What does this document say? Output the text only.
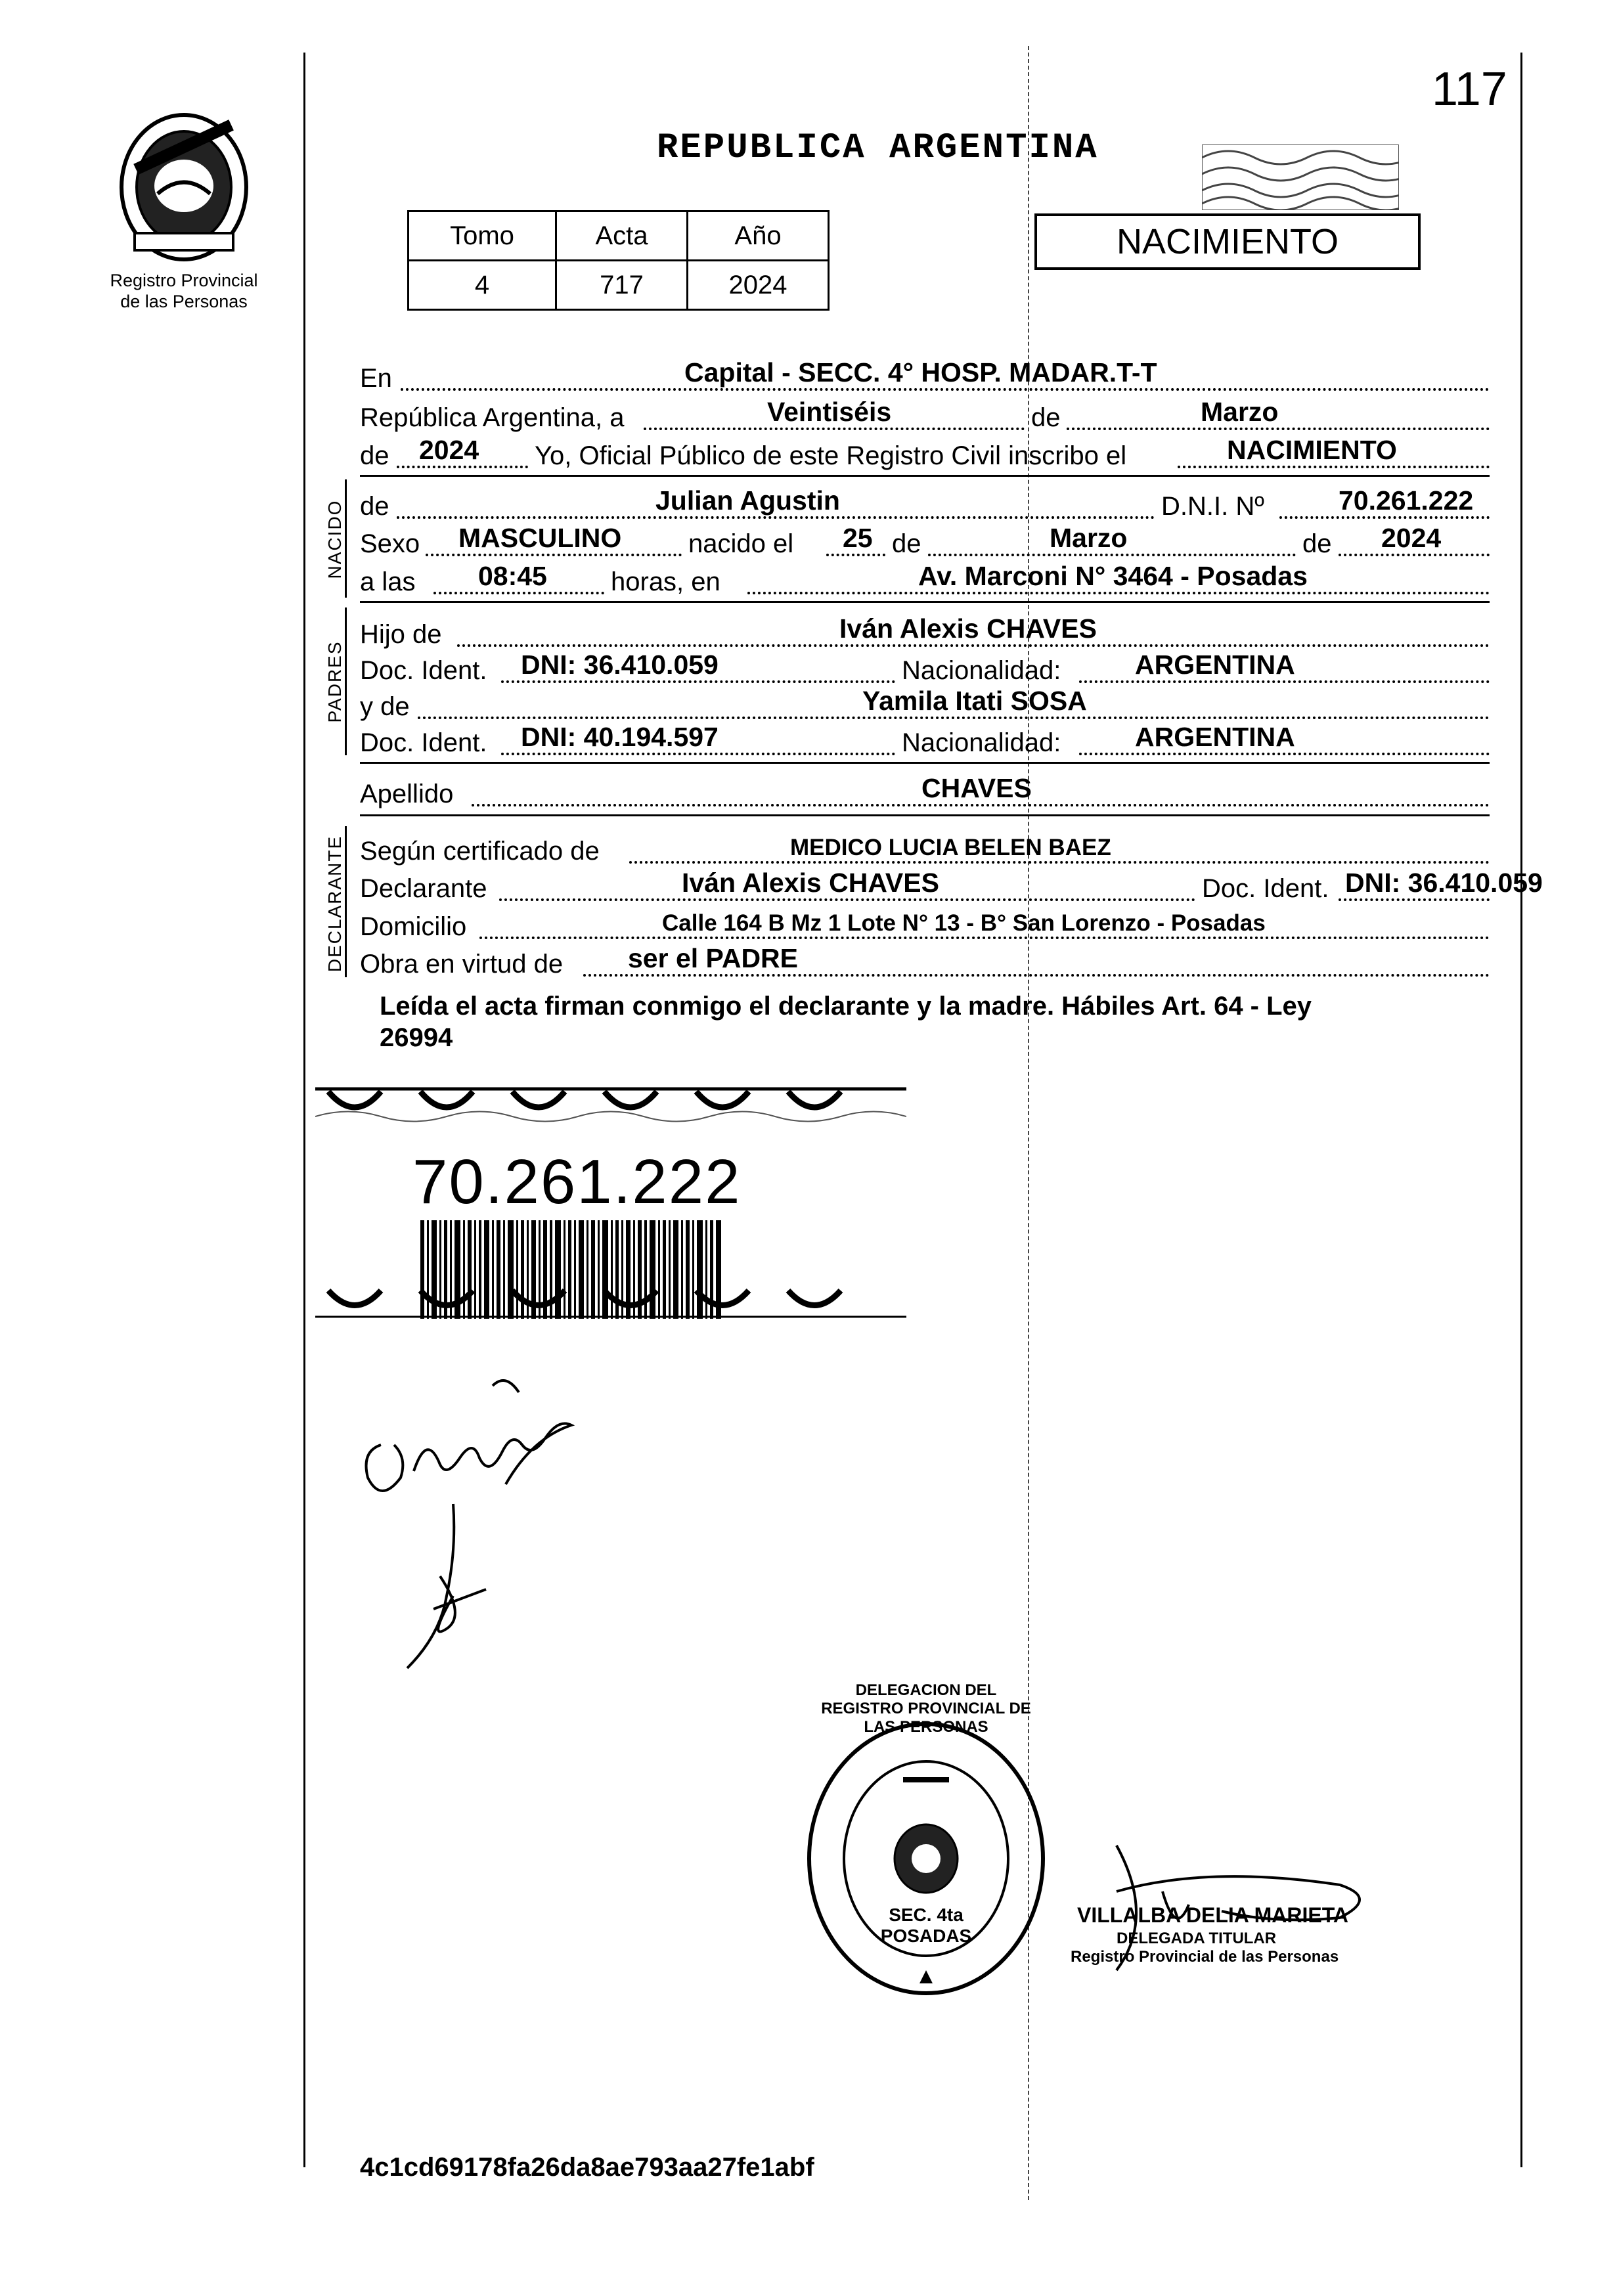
117
Registro Provincial
de las Personas
REPUBLICA ARGENTINA
NACIMIENTO
Tomo	Acta	Año
4	717	2024
En	Capital - SECC. 4° HOSP. MADAR.T-T
República Argentina, a	Veintiséis	de	Marzo
de 2024 Yo, Oficial Público de este Registro Civil inscribo el	NACIMIENTO
NACIDO de	Julian Agustin	D.N.I. Nº	70.261.222
Sexo MASCULINO	nacido el 25 de	Marzo	de 2024
a las 08:45 horas, en	Av. Marconi N° 3464 - Posadas
PADRES
Hijo de	Iván Alexis CHAVES
Doc. Ident. DNI: 36.410.059	Nacionalidad:	ARGENTINA
y de	Yamila Itati SOSA
Doc. Ident. DNI: 40.194.597	Nacionalidad:	ARGENTINA
Apellido	CHAVES
DECLARANTE Según certificado de	MEDICO LUCIA BELEN BAEZ
Declarante	Iván Alexis CHAVES	Doc. Ident. DNI: 36.410.059
Domicilio	Calle 164 B Mz 1 Lote N° 13 - B° San Lorenzo - Posadas
Obra en virtud de ser el PADRE
Leída el acta firman conmigo el declarante y la madre. Hábiles Art. 64 - Ley
26994
70.261.222
DELEGACION DEL REGISTRO PROVINCIAL DE LAS PERSONAS
SEC. 4ta POSADAS
VILLALBA DELIA MARIETA
DELEGADA TITULAR
Registro Provincial de las Personas
4c1cd69178fa26da8ae793aa27fe1abf
